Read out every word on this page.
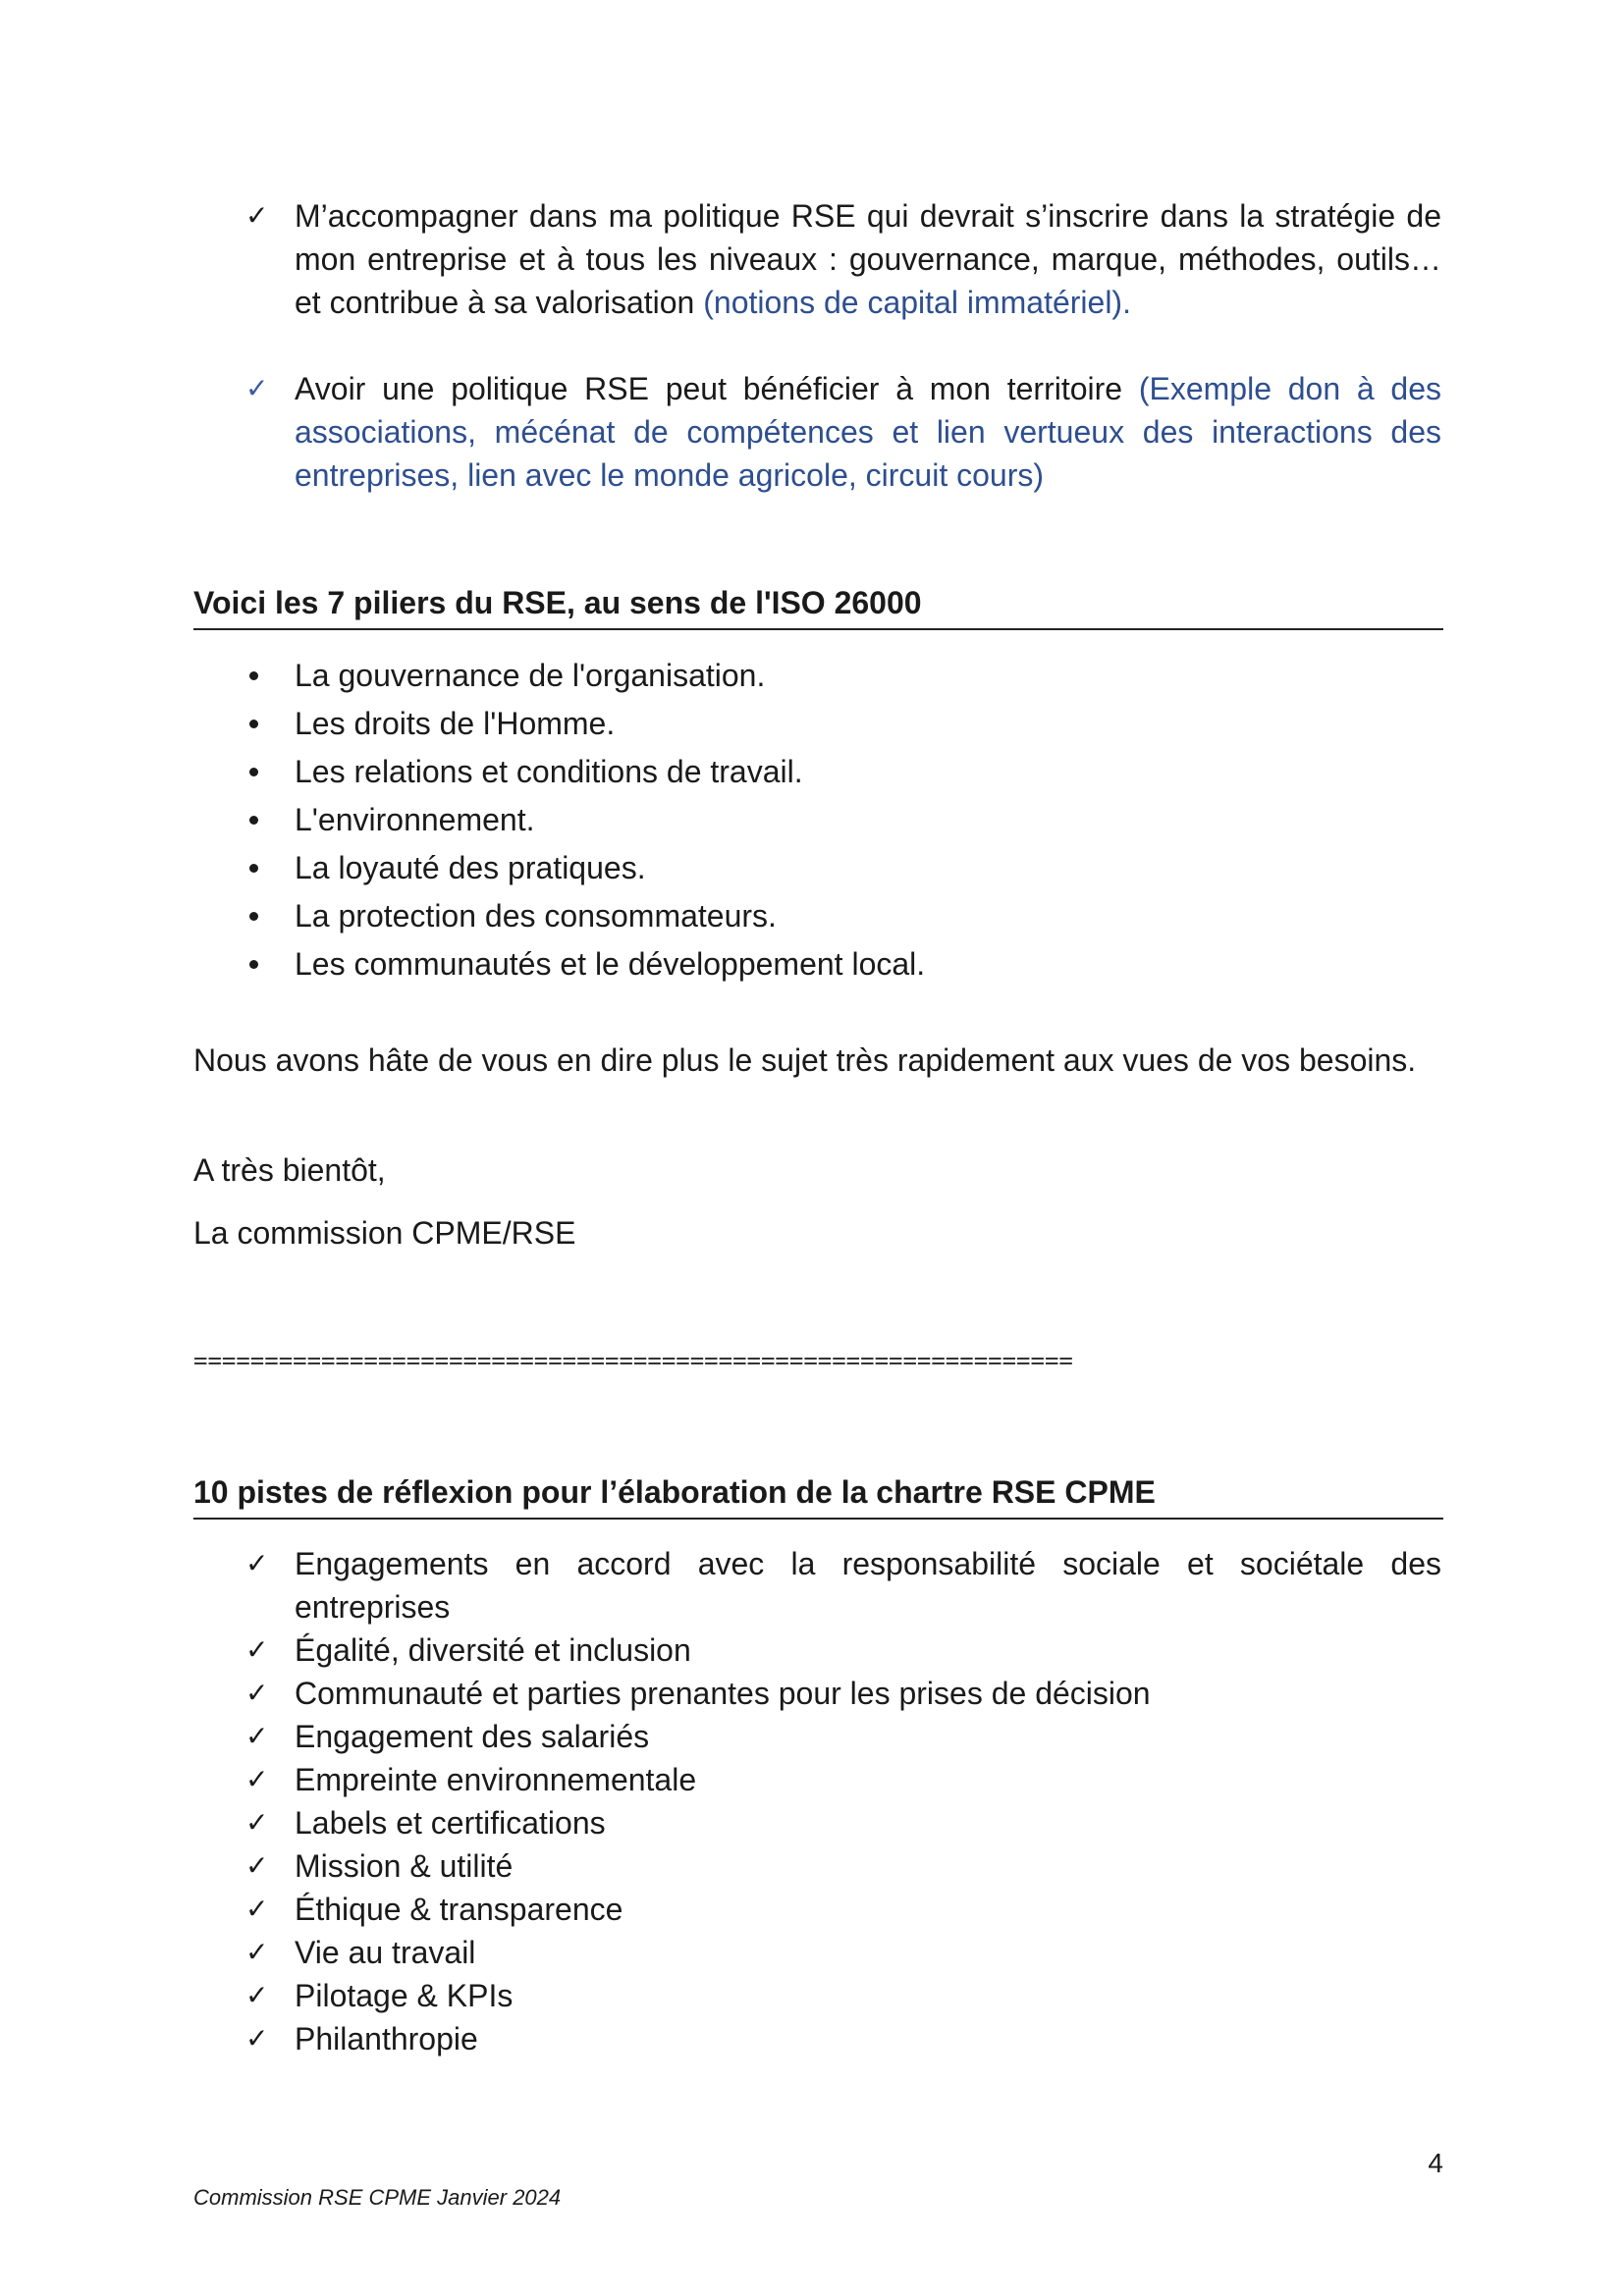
✓ M’accompagner dans ma politique RSE qui devrait s’inscrire dans la stratégie de mon entreprise et à tous les niveaux : gouvernance, marque, méthodes, outils… et contribue à sa valorisation (notions de capital immatériel).
✓ Avoir une politique RSE peut bénéficier à mon territoire (Exemple don à des associations, mécénat de compétences et lien vertueux des interactions des entreprises, lien avec le monde agricole, circuit cours)
Voici les 7 piliers du RSE, au sens de l'ISO 26000
La gouvernance de l'organisation.
Les droits de l'Homme.
Les relations et conditions de travail.
L'environnement.
La loyauté des pratiques.
La protection des consommateurs.
Les communautés et le développement local.
Nous avons hâte de vous en dire plus le sujet très rapidement aux vues de vos besoins.
A très bientôt,
La commission CPME/RSE
==============================================================
10 pistes de réflexion pour l’élaboration de la chartre RSE CPME
✓ Engagements en accord avec la responsabilité sociale et sociétale des entreprises
✓ Égalité, diversité et inclusion
✓ Communauté et parties prenantes pour les prises de décision
✓ Engagement des salariés
✓ Empreinte environnementale
✓ Labels et certifications
✓ Mission & utilité
✓ Éthique & transparence
✓ Vie au travail
✓ Pilotage & KPIs
✓ Philanthropie
4
Commission RSE CPME Janvier 2024
